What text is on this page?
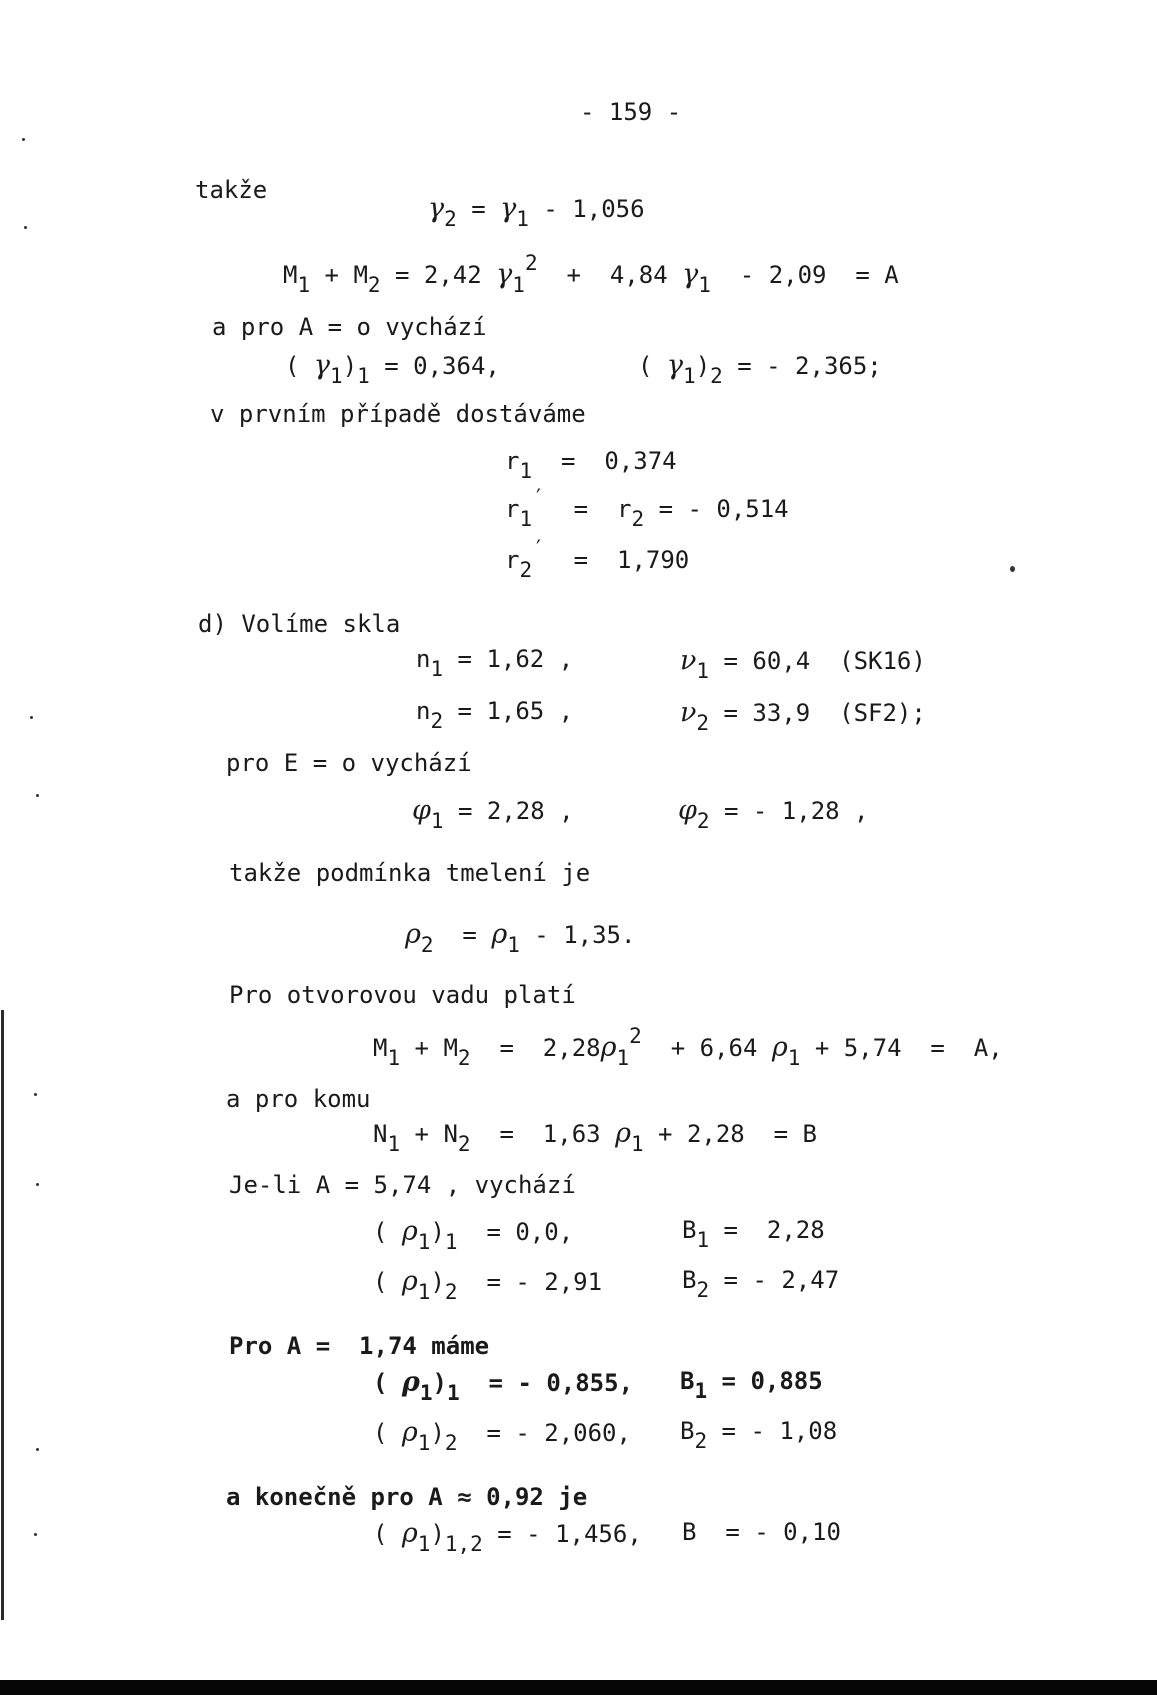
- 159 -
takže
γ2 = γ1 - 1,056
M1 + M2 = 2,42 γ12  +  4,84 γ1  - 2,09  = A
a pro A = o vychází
( γ1)1 = 0,364,	( γ1)2 = - 2,365;
v prvním případě dostáváme
r1  =  0,374
r1′  =  r2 = - 0,514
r2′  =  1,790
d) Volíme skla
n1 = 1,62 ,	ν1 = 60,4  (SK16)
n2 = 1,65 ,	ν2 = 33,9  (SF2);
pro E = o vychází
φ1 = 2,28 ,	φ2 = - 1,28 ,
takže podmínka tmelení je
ρ2  = ρ1 - 1,35.
Pro otvorovou vadu platí
M1 + M2  =  2,28ρ12  + 6,64 ρ1 + 5,74  =  A,
a pro komu
N1 + N2  =  1,63 ρ1 + 2,28  = B
Je-li A = 5,74 , vychází
( ρ1)1  = 0,0,	B1 =  2,28
( ρ1)2  = - 2,91	B2 = - 2,47
Pro A =  1,74 máme
( ρ1)1  = - 0,855, B1 = 0,885
( ρ1)2  = - 2,060, B2 = - 1,08
a konečně pro A ≈ 0,92 je
( ρ1)1,2 = - 1,456, B  = - 0,10
